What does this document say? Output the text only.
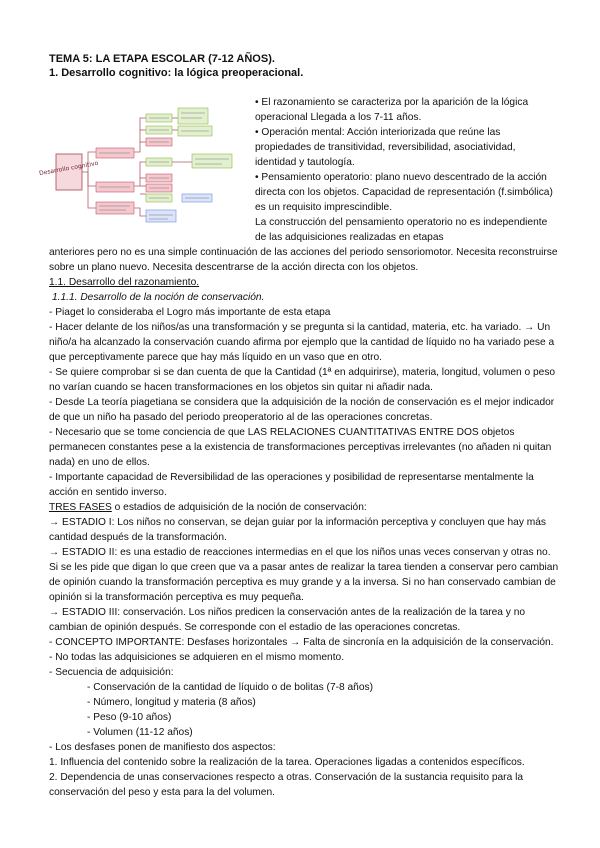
TEMA 5: LA ETAPA ESCOLAR (7-12 AÑOS).
1. Desarrollo cognitivo: la lógica preoperacional.
Desarrollo cognitivo

• El razonamiento se caracteriza por la aparición de la lógica operacional Llegada a los 7-11 años.

• Operación mental: Acción interiorizada que reúne las propiedades de transitividad, reversibilidad, asociatividad, identidad y tautología.

• Pensamiento operatorio: plano nuevo descentrado de la acción directa con los objetos. Capacidad de representación (f.simbólica) es un requisito imprescindible.

La construcción del pensamiento operatorio no es independiente de las adquisiciones realizadas en etapas

anteriores pero no es una simple continuación de las acciones del periodo sensoriomotor. Necesita reconstruirse sobre un plano nuevo. Necesita descentrarse de la acción directa con los objetos.

1.1. Desarrollo del razonamiento.

1.1.1. Desarrollo de la noción de conservación.

- Piaget lo consideraba el Logro más importante de esta etapa

- Hacer delante de los niños/as una transformación y se pregunta si la cantidad, materia, etc. ha variado. → Un niño/a ha alcanzado la conservación cuando afirma por ejemplo que la cantidad de líquido no ha variado pese a que perceptivamente parece que hay más líquido en un vaso que en otro.

- Se quiere comprobar si se dan cuenta de que la Cantidad (1ª en adquirirse), materia, longitud, volumen o peso no varían cuando se hacen transformaciones en los objetos sin quitar ni añadir nada.

- Desde La teoría piagetiana se considera que la adquisición de la noción de conservación es el mejor indicador de que un niño ha pasado del periodo preoperatorio al de las operaciones concretas.

- Necesario que se tome conciencia de que LAS RELACIONES CUANTITATIVAS ENTRE DOS objetos permanecen constantes pese a la existencia de transformaciones perceptivas irrelevantes (no añaden ni quitan nada) en uno de ellos.

- Importante capacidad de Reversibilidad de las operaciones y posibilidad de representarse mentalmente la acción en sentido inverso.

TRES FASES o estadios de adquisición de la noción de conservación:

→ ESTADIO I: Los niños no conservan, se dejan guiar por la información perceptiva y concluyen que hay más cantidad después de la transformación.

→ ESTADIO II: es una estadio de reacciones intermedias en el que los niños unas veces conservan y otras no. Si se les pide que digan lo que creen que va a pasar antes de realizar la tarea tienden a conservar pero cambian de opinión cuando la transformación perceptiva es muy grande y a la inversa. Si no han conservado cambian de opinión si la transformación perceptiva es muy pequeña.

→ ESTADIO III: conservación. Los niños predicen la conservación antes de la realización de la tarea y no cambian de opinión después. Se corresponde con el estadio de las operaciones concretas.

- CONCEPTO IMPORTANTE: Desfases horizontales → Falta de sincronía en la adquisición de la conservación.

- No todas las adquisiciones se adquieren en el mismo momento.

- Secuencia de adquisición:

- Conservación de la cantidad de líquido o de bolitas (7-8 años)

- Número, longitud y materia (8 años)

- Peso (9-10 años)

- Volumen (11-12 años)

- Los desfases ponen de manifiesto dos aspectos:

1. Influencia del contenido sobre la realización de la tarea. Operaciones ligadas a contenidos específicos.

2. Dependencia de unas conservaciones respecto a otras. Conservación de la sustancia requisito para la conservación del peso y esta para la del volumen.
